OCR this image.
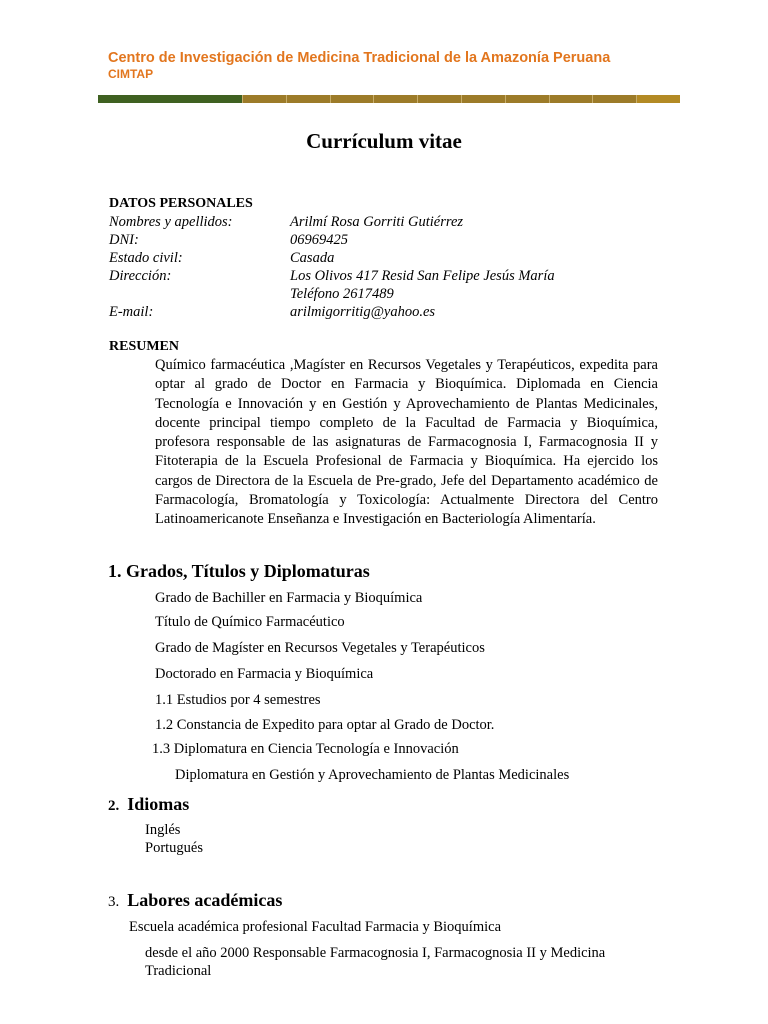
Centro de Investigación de Medicina Tradicional de la Amazonía Peruana
CIMTAP
Currículum vitae
DATOS PERSONALES
Nombres y apellidos:	Arilmí Rosa Gorriti Gutiérrez
DNI:	06969425
Estado civil:	Casada
Dirección:	Los Olivos 417 Resid San Felipe Jesús María
Teléfono 2617489
E-mail:	arilmigorritig@yahoo.es
RESUMEN
Químico farmacéutica ,Magíster en Recursos Vegetales y Terapéuticos, expedita para optar al grado de Doctor en Farmacia y Bioquímica. Diplomada en Ciencia Tecnología e Innovación y en Gestión y Aprovechamiento de Plantas Medicinales, docente principal tiempo completo de la Facultad de Farmacia y Bioquímica, profesora responsable de las asignaturas de Farmacognosia I, Farmacognosia II y Fitoterapia de la Escuela Profesional de Farmacia y Bioquímica. Ha ejercido los cargos de Directora de la Escuela de Pre-grado, Jefe del Departamento académico de Farmacología, Bromatología y Toxicología: Actualmente Directora del Centro Latinoamericanote Enseñanza e Investigación en Bacteriología Alimentaría.
1. Grados, Títulos y Diplomaturas
Grado de Bachiller en Farmacia y Bioquímica
Título de Químico Farmacéutico
Grado de Magíster en Recursos Vegetales y Terapéuticos
Doctorado en Farmacia y Bioquímica
1.1 Estudios por 4 semestres
1.2 Constancia de Expedito para optar al Grado de Doctor.
1.3 Diplomatura en Ciencia Tecnología e Innovación
Diplomatura en Gestión y Aprovechamiento de Plantas Medicinales
2. Idiomas
Inglés
Portugués
3. Labores académicas
Escuela académica profesional Facultad Farmacia y Bioquímica
desde el año 2000 Responsable Farmacognosia I, Farmacognosia II y Medicina
Tradicional
